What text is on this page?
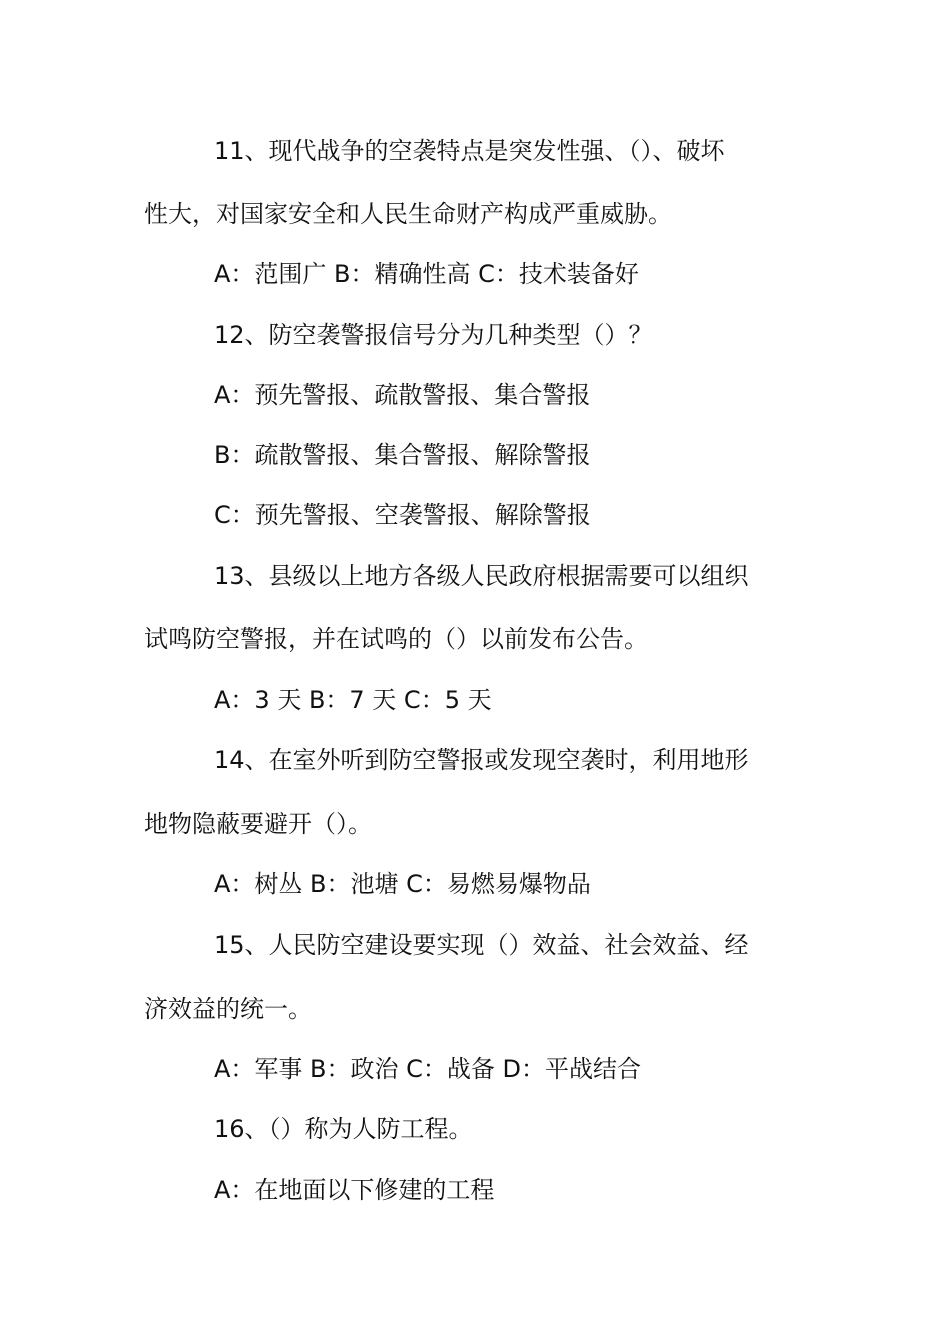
11、现代战争的空袭特点是突发性强、（）、破坏
性大，对国家安全和人民生命财产构成严重威胁。
A：范围广 B：精确性高 C：技术装备好
12、防空袭警报信号分为几种类型（）？
A：预先警报、疏散警报、集合警报
B：疏散警报、集合警报、解除警报
C：预先警报、空袭警报、解除警报
13、县级以上地方各级人民政府根据需要可以组织
试鸣防空警报，并在试鸣的（）以前发布公告。
A：3 天 B：7 天 C：5 天
14、在室外听到防空警报或发现空袭时，利用地形
地物隐蔽要避开（）。
A：树丛 B：池塘 C：易燃易爆物品
15、人民防空建设要实现（）效益、社会效益、经
济效益的统一。
A：军事 B：政治 C：战备 D：平战结合
16、（）称为人防工程。
A：在地面以下修建的工程
